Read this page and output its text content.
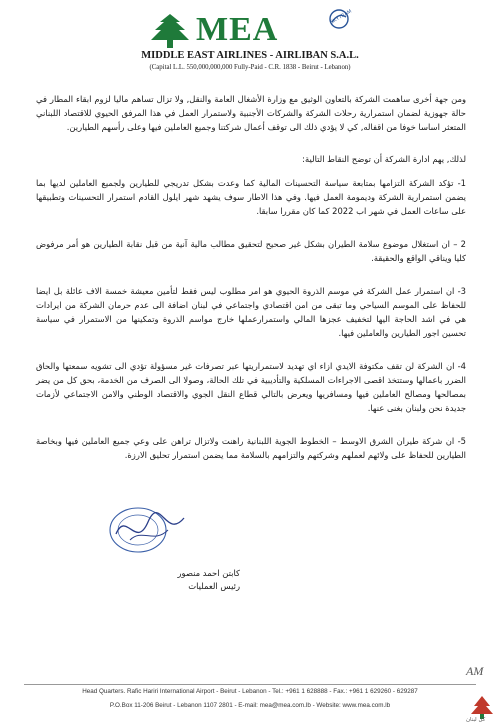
MEA	SKYTEAM
MIDDLE EAST AIRLINES - AIRLIBAN S.A.L.
(Capital L.L. 550,000,000,000 Fully-Paid - C.R. 1838 - Beirut - Lebanon)

ومن جهة أخرى ساهمت الشركة بالتعاون الوثيق مع وزارة الأشغال العامة والنقل, ولا تزال تساهم ماليا لزوم ابقاء المطار في حالة جهوزية لضمان استمرارية رحلات الشركة والشركات الأجنبية ولاستمرار العمل في هذا المرفق الحيوي للاقتصاد اللبناني المتعثر اساسا خوفا من اقفاله, كي لا يؤدي ذلك الى توقف أعمال شركتنا وجميع العاملين فيها وعلى رأسهم الطيارين.

لذلك, يهم ادارة الشركة أن توضح النقاط التالية:

1- تؤكد الشركة التزامها بمتابعة سياسة التحسينات المالية كما وعدت بشكل تدريجي للطيارين ولجميع العاملين لديها بما يضمن استمرارية الشركة وديمومة العمل فيها. وفي هذا الاطار سوف يشهد شهر ايلول القادم استمرار التحسينات وتطبيقها على ساعات العمل في شهر اب 2022 كما كان مقررا سابقا.

2 – ان استغلال موضوع سلامة الطيران بشكل غير صحيح لتحقيق مطالب مالية آنية من قبل نقابة الطيارين هو أمر مرفوض كليا ويناقي الواقع والحقيقة.

3- ان استمرار عمل الشركة في موسم الذروة الحيوي هو امر مطلوب ليس فقط لتأمين معيشة خمسة الاف عائلة بل ايضا للحفاظ على الموسم السياحي وما تبقى من امن اقتصادي واجتماعي في لبنان اضافة الى عدم حرمان الشركة من ايرادات هي في اشد الحاجة اليها لتخفيف عجزها المالي واستمرارعملها خارج مواسم الذروة وتمكينها من الاستمرار في سياسة تحسين اجور الطيارين والعاملين فيها.

4- ان الشركة لن تقف مكتوفة الايدي ازاء اي تهديد لاستمراريتها عبر تصرفات غير مسؤولة تؤدي الى تشويه سمعتها والحاق الضرر باعمالها وستتخذ اقصى الاجراءات المسلكية والتأديبية في تلك الحالة، وصولا الى الصرف من الخدمة، بحق كل من يضر بمصالحها ومصالح العاملين فيها ومسافريها ويعرض بالتالي قطاع النقل الجوي والاقتصاد الوطني والامن الاجتماعي لأزمات جديدة نحن ولبنان بغنى عنها.

5- ان شركة طيران الشرق الاوسط – الخطوط الجوية اللبنانية راهنت ولاتزال تراهن على وعي جميع العاملين فيها وبخاصة الطيارين للحفاظ على ولائهم لعملهم وشركتهم والتزامهم بالسلامة مما يضمن استمرار تحليق الارزة.

كابتن احمد منصور
رئيس العمليات
AM
Head Quarters. Rafic Hariri International Airport - Beirut - Lebanon - Tel.: +961 1 628888 - Fax.: +961 1 629260 - 629287
P.O.Box 11-206 Beirut - Lebanon 1107 2801 - E-mail: mea@mea.com.lb - Website: www.mea.com.lb
كل لبنان
